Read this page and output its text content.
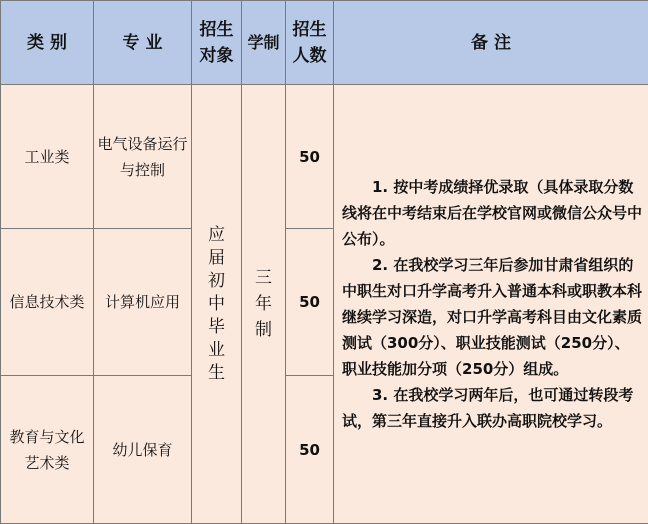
类 别	专 业	招生对象	学制	招生人数	备 注
工业类	电气设备运行与控制	应届初中毕业生	三年制	50	1. 按中考成绩择优录取（具体录取分数线将在中考结束后在学校官网或微信公众号中公布）。

2. 在我校学习三年后参加甘肃省组织的中职生对口升学高考升入普通本科或职教本科继续学习深造，对口升学高考科目由文化素质测试（300分）、职业技能测试（250分）、职业技能加分项（250分）组成。

3. 在我校学习两年后，也可通过转段考试，第三年直接升入联办高职院校学习。

信息技术类	计算机应用			50	
教育与文化艺术类	幼儿保育			50	
